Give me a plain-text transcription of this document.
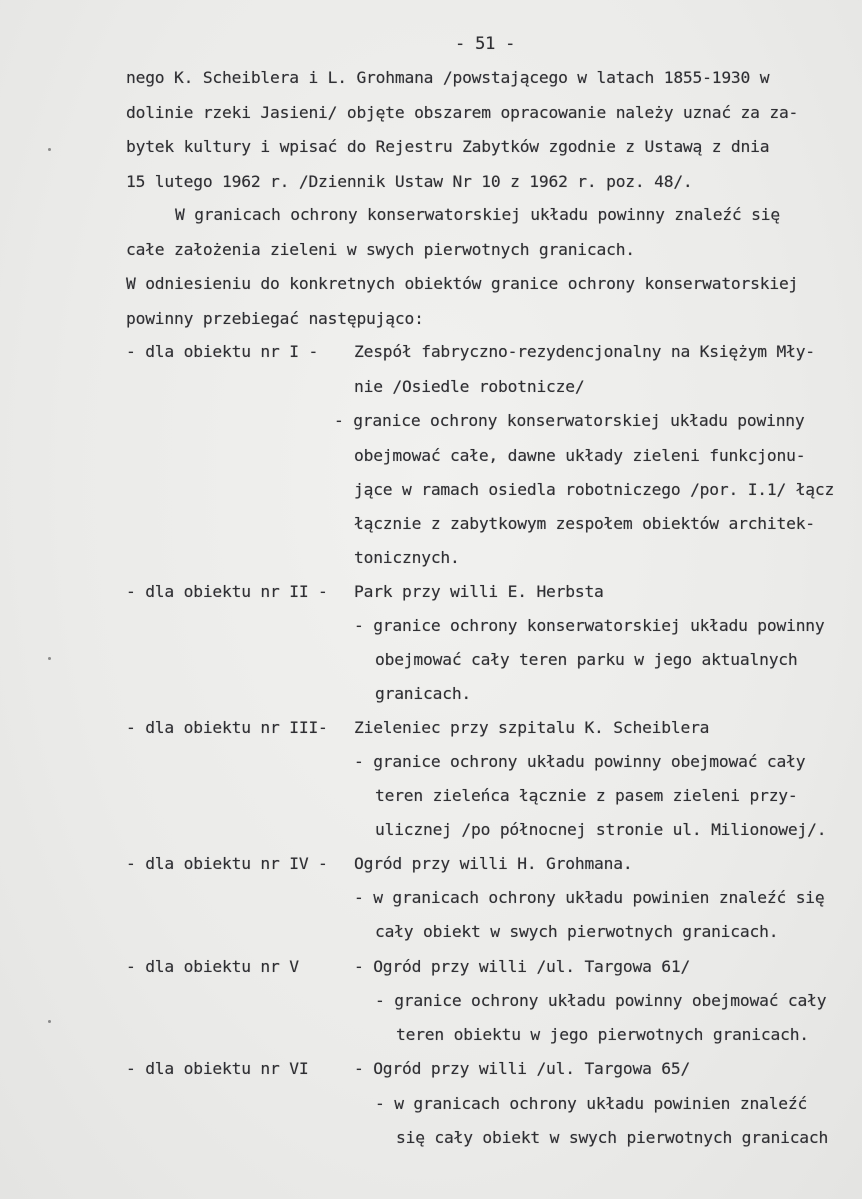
- 51 -
nego K. Scheiblera i L. Grohmana /powstającego w latach 1855-1930 w
dolinie rzeki Jasieni/ objęte obszarem opracowanie należy uznać za za-
bytek kultury i wpisać do Rejestru Zabytków zgodnie z Ustawą z dnia
15 lutego 1962 r. /Dziennik Ustaw Nr 10 z 1962 r. poz. 48/.
W granicach ochrony konserwatorskiej układu powinny znaleźć się
całe założenia zieleni w swych pierwotnych granicach.
W odniesieniu do konkretnych obiektów granice ochrony konserwatorskiej
powinny przebiegać następująco:
- dla obiektu nr I - Zespół fabryczno-rezydencjonalny na Księżym Mły-
nie /Osiedle robotnicze/
- granice ochrony konserwatorskiej układu powinny
obejmować całe, dawne układy zieleni funkcjonu-
jące w ramach osiedla robotniczego /por. I.1/ łącz
łącznie z zabytkowym zespołem obiektów architek-
tonicznych.
- dla obiektu nr II - Park przy willi E. Herbsta
- granice ochrony konserwatorskiej układu powinny
obejmować cały teren parku w jego aktualnych
granicach.
- dla obiektu nr III- Zieleniec przy szpitalu K. Scheiblera
- granice ochrony układu powinny obejmować cały
teren zieleńca łącznie z pasem zieleni przy-
ulicznej /po północnej stronie ul. Milionowej/.
- dla obiektu nr IV - Ogród przy willi H. Grohmana.
- w granicach ochrony układu powinien znaleźć się
cały obiekt w swych pierwotnych granicach.
- dla obiektu nr V	- Ogród przy willi /ul. Targowa 61/
- granice ochrony układu powinny obejmować cały
teren obiektu w jego pierwotnych granicach.
- dla obiektu nr VI	- Ogród przy willi /ul. Targowa 65/
- w granicach ochrony układu powinien znaleźć
się cały obiekt w swych pierwotnych granicach
